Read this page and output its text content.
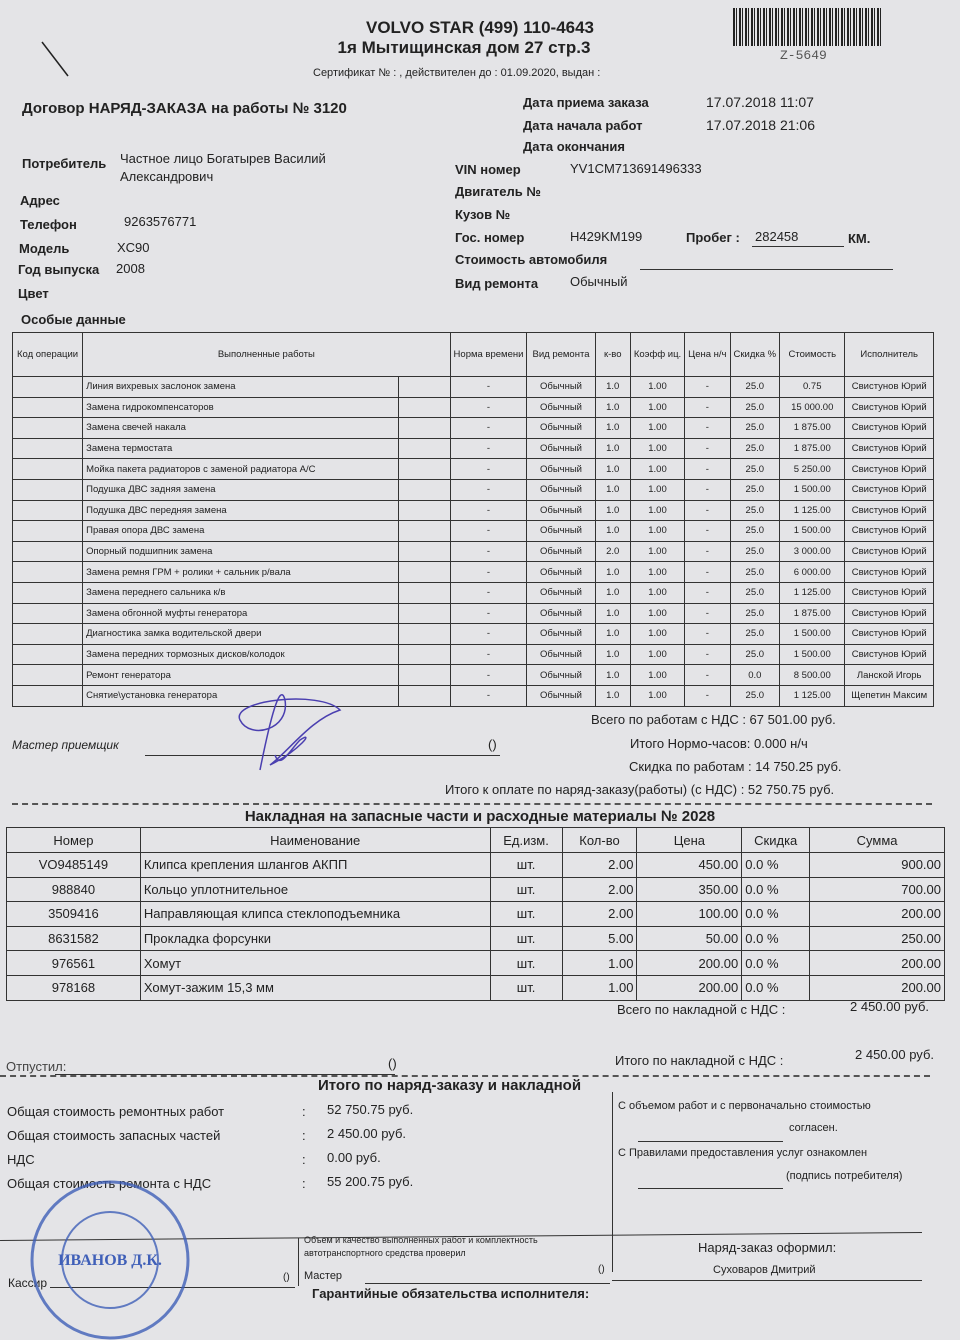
Z-5649
VOLVO STAR (499) 110-4643
1я Мытищинская дом 27 стр.3
Сертификат № : , действителен до : 01.09.2020, выдан :
Договор НАРЯД-ЗАКАЗА на работы № 3120	Дата приема заказа	17.07.2018 11:07
Дата начала работ	17.07.2018 21:06
Дата окончания
Потребитель Частное лицо Богатырев Василий
Александрович
Адрес
Телефон	9263576771
Модель	XC90
Год выпуска 2008
Цвет
Особые данные
VIN номер	YV1CM713691496333
Двигатель №
Кузов №
Гос. номер	H429KM199	Пробег : 282458	КМ.
Стоимость автомобиля
Вид ремонта Обычный
Код операции	Выполненные работы		Норма времени	Вид ремонта	к-во	Коэфф иц.	Цена н/ч	Скидка %	Стоимость	Исполнитель
	Линия вихревых заслонок замена		-	Обычный	1.0	1.00	-	25.0	0.75	Свистунов Юрий
	Замена гидрокомпенсаторов		-	Обычный	1.0	1.00	-	25.0	15 000.00	Свистунов Юрий
	Замена свечей накала		-	Обычный	1.0	1.00	-	25.0	1 875.00	Свистунов Юрий
	Замена термостата		-	Обычный	1.0	1.00	-	25.0	1 875.00	Свистунов Юрий
	Мойка пакета радиаторов с заменой радиатора A/C		-	Обычный	1.0	1.00	-	25.0	5 250.00	Свистунов Юрий
	Подушка ДВС задняя замена		-	Обычный	1.0	1.00	-	25.0	1 500.00	Свистунов Юрий
	Подушка ДВС передняя замена		-	Обычный	1.0	1.00	-	25.0	1 125.00	Свистунов Юрий
	Правая опора ДВС замена		-	Обычный	1.0	1.00	-	25.0	1 500.00	Свистунов Юрий
	Опорный подшипник замена		-	Обычный	2.0	1.00	-	25.0	3 000.00	Свистунов Юрий
	Замена ремня ГРМ + ролики + сальник р/вала		-	Обычный	1.0	1.00	-	25.0	6 000.00	Свистунов Юрий
	Замена переднего сальника к/в		-	Обычный	1.0	1.00	-	25.0	1 125.00	Свистунов Юрий
	Замена обгонной муфты генератора		-	Обычный	1.0	1.00	-	25.0	1 875.00	Свистунов Юрий
	Диагностика замка водительской двери		-	Обычный	1.0	1.00	-	25.0	1 500.00	Свистунов Юрий
	Замена передних тормозных дисков/колодок		-	Обычный	1.0	1.00	-	25.0	1 500.00	Свистунов Юрий
	Ремонт генератора		-	Обычный	1.0	1.00	-	0.0	8 500.00	Ланской Игорь
	Снятие\установка генератора		-	Обычный	1.0	1.00	-	25.0	1 125.00	Щепетин Максим
Всего по работам с НДС : 67 501.00 руб.
Мастер приемщик	()	Итого Нормо-часов: 0.000 н/ч
Скидка по работам : 14 750.25 руб.
Итого к оплате по наряд-заказу(работы) (с НДС) : 52 750.75 руб.
Накладная на запасные части и расходные материалы № 2028
Номер	Наименование	Ед.изм.	Кол-во	Цена	Скидка	Сумма
VO9485149	Клипса крепления шлангов АКПП	шт.	2.00	450.00	0.0 %	900.00
988840	Кольцо уплотнительное	шт.	2.00	350.00	0.0 %	700.00
3509416	Направляющая клипса стеклоподъемника	шт.	2.00	100.00	0.0 %	200.00
8631582	Прокладка форсунки	шт.	5.00	50.00	0.0 %	250.00
976561	Хомут	шт.	1.00	200.00	0.0 %	200.00
978168	Хомут-зажим 15,3 мм	шт.	1.00	200.00	0.0 %	200.00
Всего по накладной с НДС :	2 450.00 руб.
Отпустил:	()	Итого по накладной с НДС :	2 450.00 руб.
Итого по наряд-заказу и накладной
Общая стоимость ремонтных работ	: 52 750.75 руб.
Общая стоимость запасных частей	: 2 450.00 руб.
НДС	: 0.00 руб.
Общая стоимость ремонта с НДС	: 55 200.75 руб.
С объемом работ и с первоначально стоимостью
согласен.
С Правилами предоставления услуг ознакомлен
(подпись потребителя)
Объем и качество выполненных работ и комплектность
автотранспортного средства проверил
Мастер
()
Кассир	()
Наряд-заказ оформил:
Суховаров Дмитрий
Гарантийные обязательства исполнителя:
ИВАНОВ Д.К.
